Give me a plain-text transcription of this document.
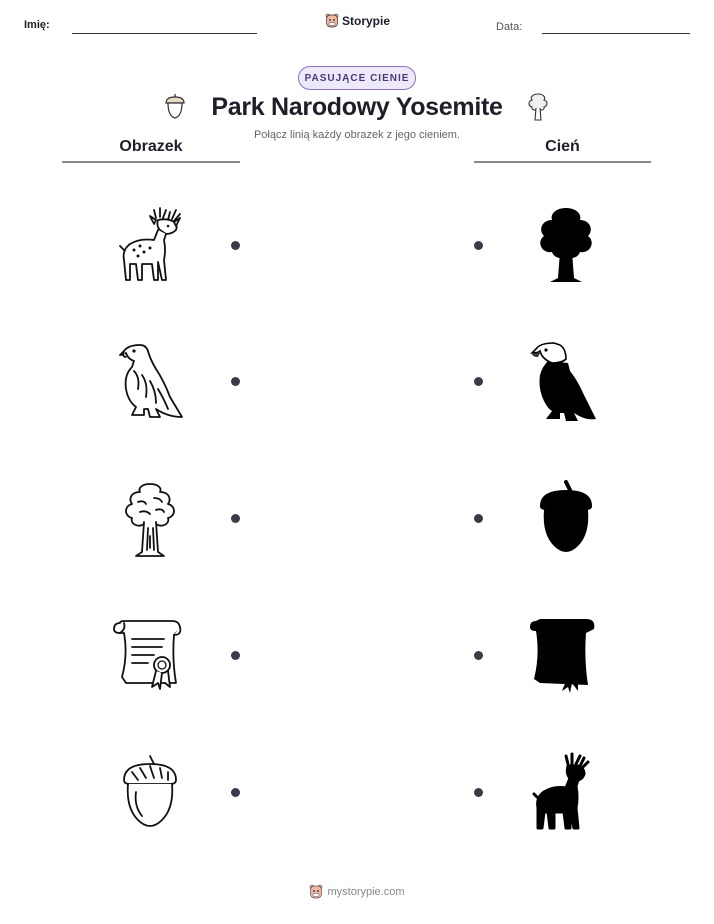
Imię:	Storypie	Data:
PASUJĄCE CIENIE
Park Narodowy Yosemite
Połącz linią każdy obrazek z jego cieniem.
Obrazek	Cień
mystorypie.com
